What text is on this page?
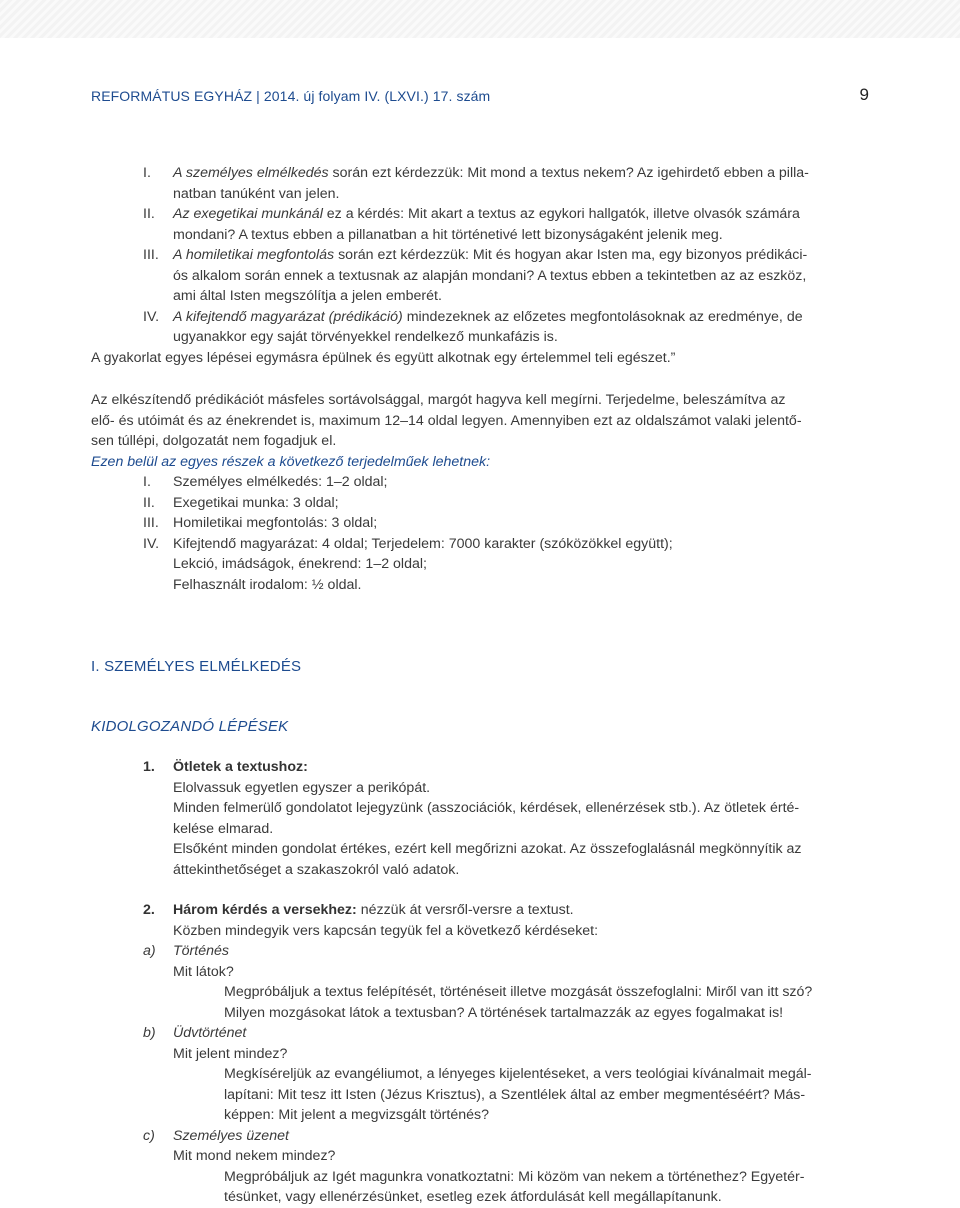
REFORMÁTUS EGYHÁZ | 2014. új folyam IV. (LXVI.) 17. szám	9
I.	A személyes elmélkedés során ezt kérdezzük: Mit mond a textus nekem? Az igehirdető ebben a pilla-
natban tanúként van jelen.
II.	Az exegetikai munkánál ez a kérdés: Mit akart a textus az egykori hallgatók, illetve olvasók számára
mondani? A textus ebben a pillanatban a hit történetivé lett bizonyságaként jelenik meg.
III.	A homiletikai megfontolás során ezt kérdezzük: Mit és hogyan akar Isten ma, egy bizonyos prédikáci-
ós alkalom során ennek a textusnak az alapján mondani? A textus ebben a tekintetben az az eszköz,
ami által Isten megszólítja a jelen emberét.
IV. A kifejtendő magyarázat (prédikáció) mindezeknek az előzetes megfontolásoknak az eredménye, de
ugyanakkor egy saját törvényekkel rendelkező munkafázis is.
A gyakorlat egyes lépései egymásra épülnek és együtt alkotnak egy értelemmel teli egészet.”
Az elkészítendő prédikációt másfeles sortávolsággal, margót hagyva kell megírni. Terjedelme, beleszámítva az
elő- és utóimát és az énekrendet is, maximum 12–14 oldal legyen. Amennyiben ezt az oldalszámot valaki jelentő-
sen túllépi, dolgozatát nem fogadjuk el.
Ezen belül az egyes részek a következő terjedelműek lehetnek:
I.	Személyes elmélkedés: 1–2 oldal;
II.	Exegetikai munka: 3 oldal;
III.	Homiletikai megfontolás: 3 oldal;
IV. Kifejtendő magyarázat: 4 oldal; Terjedelem: 7000 karakter (szóközökkel együtt);
Lekció, imádságok, énekrend: 1–2 oldal;
Felhasznált irodalom: ½ oldal.
I. SZEMÉLYES ELMÉLKEDÉS
KIDOLGOZANDÓ LÉPÉSEK
1.	Ötletek a textushoz:
Elolvassuk egyetlen egyszer a perikópát.
Minden felmerülő gondolatot lejegyzünk (asszociációk, kérdések, ellenérzések stb.). Az ötletek érté-
kelése elmarad.
Elsőként minden gondolat értékes, ezért kell megőrizni azokat. Az összefoglalásnál megkönnyítik az
áttekinthetőséget a szakaszokról való adatok.
2.	Három kérdés a versekhez: nézzük át versről-versre a textust.
Közben mindegyik vers kapcsán tegyük fel a következő kérdéseket:
a)	Történés
Mit látok?
Megpróbáljuk a textus felépítését, történéseit illetve mozgását összefoglalni: Miről van itt szó?
Milyen mozgásokat látok a textusban? A történések tartalmazzák az egyes fogalmakat is!
b)	Üdvtörténet
Mit jelent mindez?
Megkíséreljük az evangéliumot, a lényeges kijelentéseket, a vers teológiai kívánalmait megál-
lapítani: Mit tesz itt Isten (Jézus Krisztus), a Szentlélek által az ember megmentéséért? Más-
képpen: Mit jelent a megvizsgált történés?
c)	Személyes üzenet
Mit mond nekem mindez?
Megpróbáljuk az Igét magunkra vonatkoztatni: Mi közöm van nekem a történethez? Egyetér-
tésünket, vagy ellenérzésünket, esetleg ezek átfordulását kell megállapítanunk.
